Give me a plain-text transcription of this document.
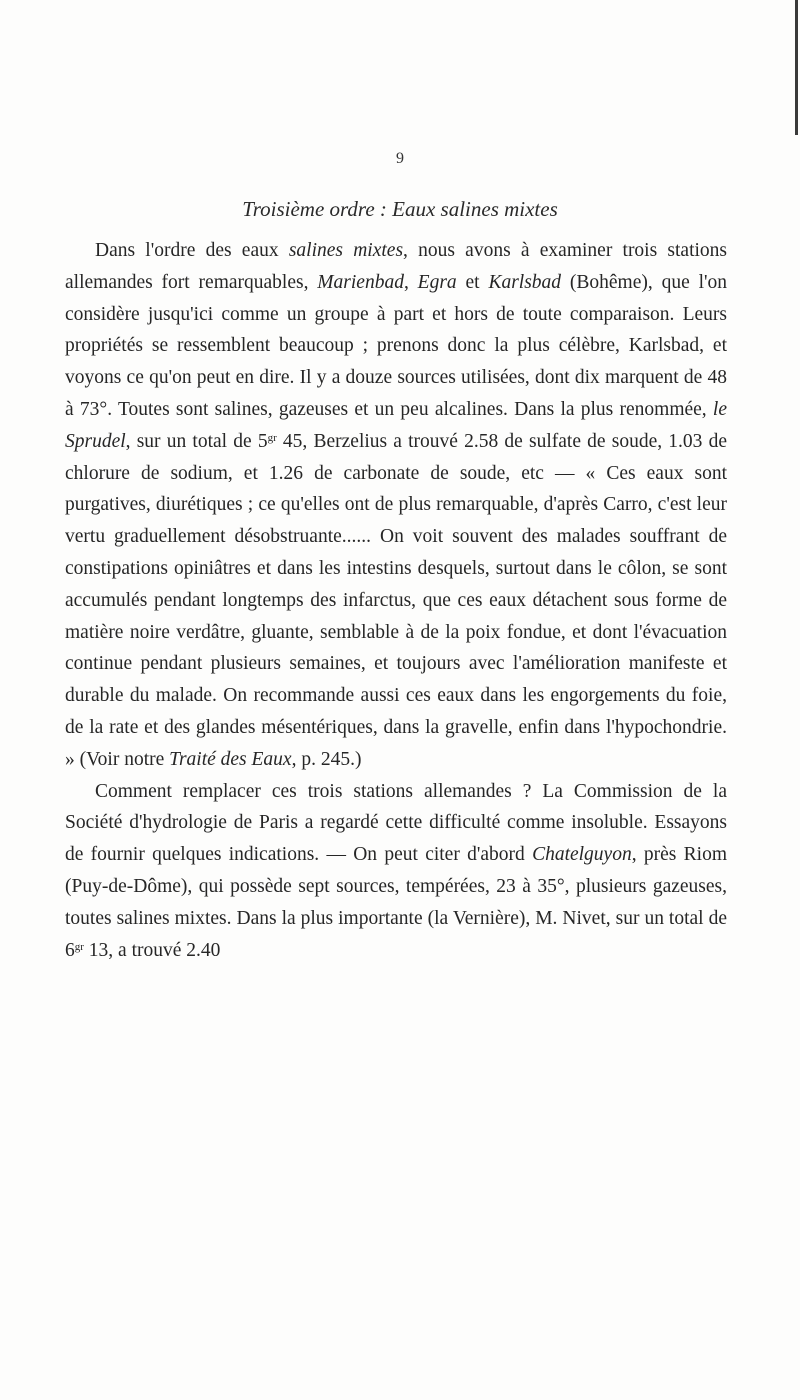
9
Troisième ordre : Eaux salines mixtes

Dans l'ordre des eaux salines mixtes, nous avons à examiner trois stations allemandes fort remarquables, Marienbad, Egra et Karlsbad (Bohême), que l'on considère jusqu'ici comme un groupe à part et hors de toute comparaison. Leurs propriétés se ressemblent beaucoup ; prenons donc la plus célèbre, Karlsbad, et voyons ce qu'on peut en dire. Il y a douze sources utilisées, dont dix marquent de 48 à 73°. Toutes sont salines, gazeuses et un peu alcalines. Dans la plus renommée, le Sprudel, sur un total de $5^{gr}$ 45, Berzelius a trouvé 2.58 de sulfate de soude, 1.03 de chlorure de sodium, et 1.26 de carbonate de soude, etc — « Ces eaux sont purgatives, diurétiques ; ce qu'elles ont de plus remarquable, d'après Carro, c'est leur vertu graduellement désobstruante...... On voit souvent des malades souffrant de constipations opiniâtres et dans les intestins desquels, surtout dans le côlon, se sont accumulés pendant longtemps des infarctus, que ces eaux détachent sous forme de matière noire verdâtre, gluante, semblable à de la poix fondue, et dont l'évacuation continue pendant plusieurs semaines, et toujours avec l'amélioration manifeste et durable du malade. On recommande aussi ces eaux dans les engorgements du foie, de la rate et des glandes mésentériques, dans la gravelle, enfin dans l'hypochondrie. » (Voir notre Traité des Eaux, p. 245.)

Comment remplacer ces trois stations allemandes ? La Commission de la Société d'hydrologie de Paris a regardé cette difficulté comme insoluble. Essayons de fournir quelques indications. — On peut citer d'abord Chatelguyon, près Riom (Puy-de-Dôme), qui possède sept sources, tempérées, 23 à 35°, plusieurs gazeuses, toutes salines mixtes. Dans la plus importante (la Vernière), M. Nivet, sur un total de $6^{gr}$ 13, a trouvé 2.40
